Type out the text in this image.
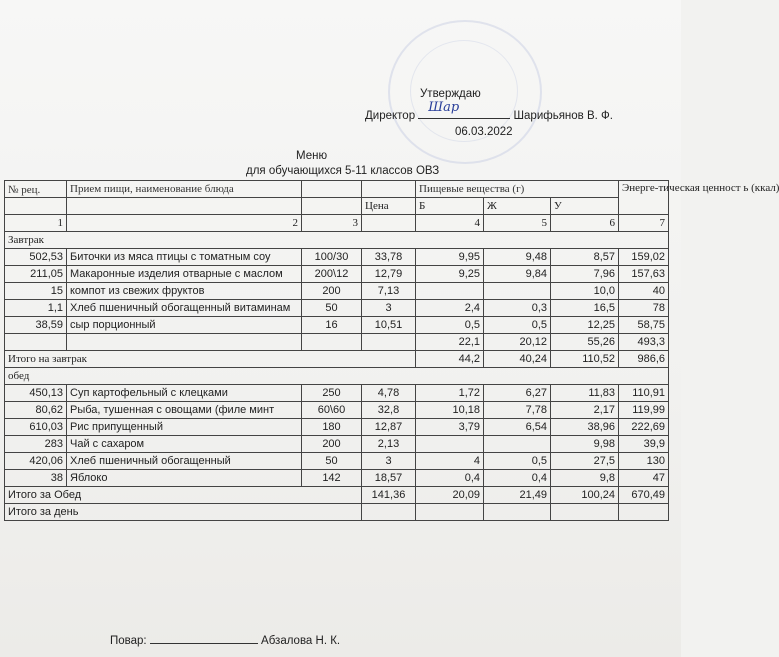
Утверждаю
Директор
Шар
Шарифьянов В. Ф.
06.03.2022
Меню
для обучающихся 5-11 классов ОВЗ
№ рец.	Прием пищи, наименование блюда			Пищевые вещества (г)			Энерге-тическая ценност ь (ккал)
			Цена	Б	Ж	У	
1	2	3		4	5	6	7
Завтрак							
502,53	Биточки из мяса птицы с томатным соу	100/30	33,78	9,95	9,48	8,57	159,02
211,05	Макаронные изделия отварные с маслом	200\12	12,79	9,25	9,84	7,96	157,63
15	компот из свежих фруктов	200	7,13			10,0	40
1,1	Хлеб пшеничный обогащенный витаминам	50	3	2,4	0,3	16,5	78
38,59	сыр порционный	16	10,51	0,5	0,5	12,25	58,75
				22,1	20,12	55,26	493,3
Итого на завтрак				44,2	40,24	110,52	986,6
обед							
450,13	Суп картофельный с клецками	250	4,78	1,72	6,27	11,83	110,91
80,62	Рыба, тушенная с овощами (филе минт	60\60	32,8	10,18	7,78	2,17	119,99
610,03	Рис припущенный	180	12,87	3,79	6,54	38,96	222,69
283	Чай с сахаром	200	2,13			9,98	39,9
420,06	Хлеб пшеничный обогащенный	50	3	4	0,5	27,5	130
38	Яблоко	142	18,57	0,4	0,4	9,8	47
Итого за Обед			141,36	20,09	21,49	100,24	670,49
Итого за день							
Повар:	Абзалова Н. К.
